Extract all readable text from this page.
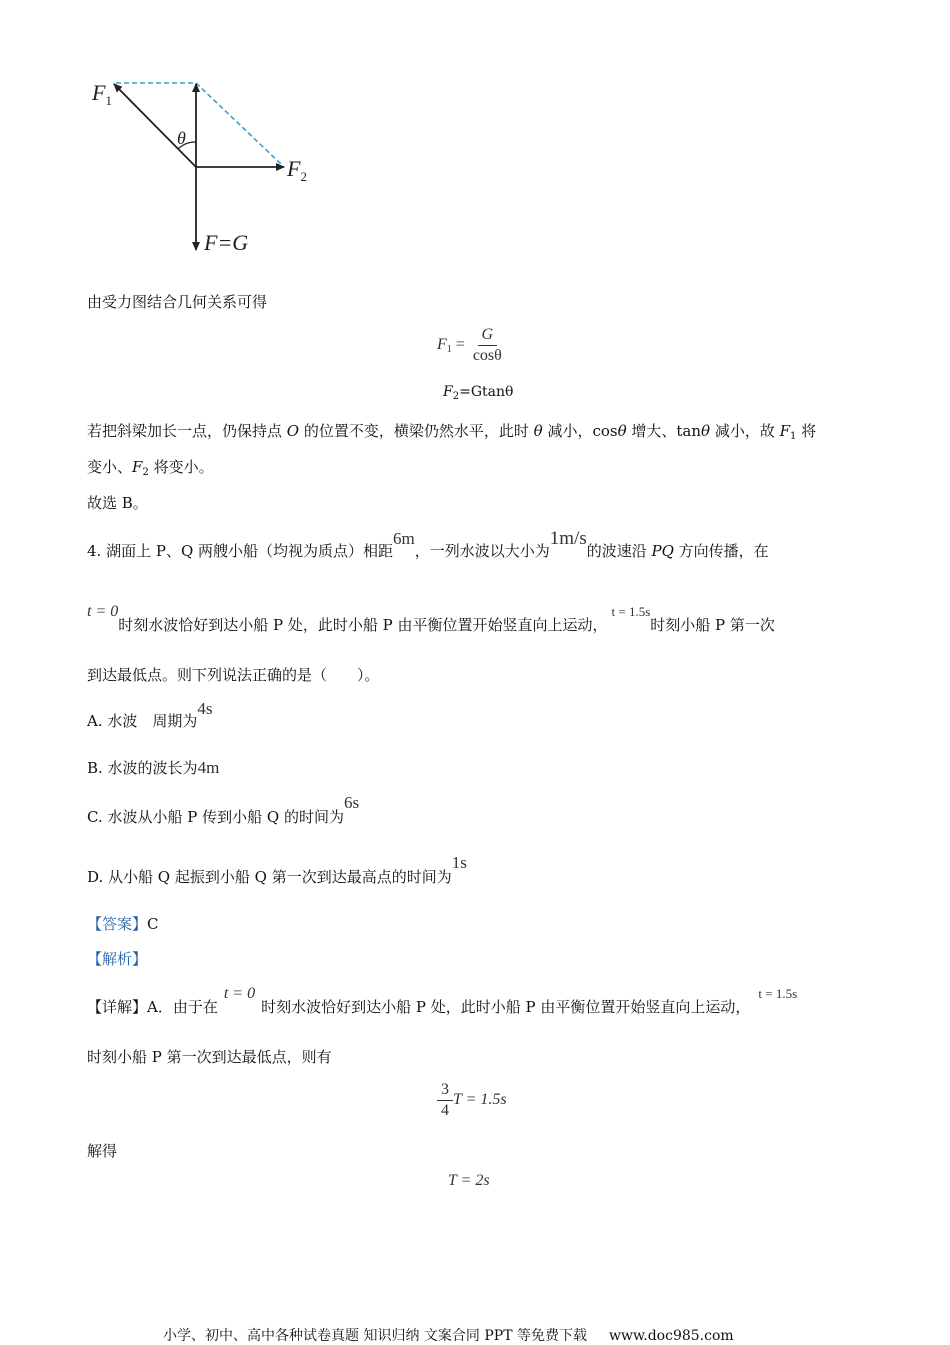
$F_1$
θ
$F_2$
F=G
由受力图结合几何关系可得
$F_1 = \frac{G}{\cos\theta}$
$F_2=Gtan\theta$
若把斜梁加长一点，仍保持点 O 的位置不变，横梁仍然水平，此时 θ 减小，cosθ 增大、tanθ 减小，故 $F_1$ 将
变小、$F_2$ 将变小。
故选 B。
4. 湖面上 P、Q 两艘小船（均视为质点）相距6m，一列水波以大小为1m/s的波速沿 PQ 方向传播，在
t = 0时刻水波恰好到达小船 P 处，此时小船 P 由平衡位置开始竖直向上运动，t = 1.5s时刻小船 P 第一次
到达最低点。则下列说法正确的是（　　）。
A. 水波　周期为4s
B. 水波的波长为4m
C. 水波从小船 P 传到小船 Q 的时间为6s
D. 从小船 Q 起振到小船 Q 第一次到达最高点的时间为1s
【答案】C
【解析】
【详解】A．由于在t = 0时刻水波恰好到达小船 P 处，此时小船 P 由平衡位置开始竖直向上运动，t = 1.5s
时刻小船 P 第一次到达最低点，则有
$\frac{3}{4}$ T = 1.5s
解得
T = 2s
小学、初中、高中各种试卷真题 知识归纳 文案合同 PPT 等免费下载 www.doc985.com
